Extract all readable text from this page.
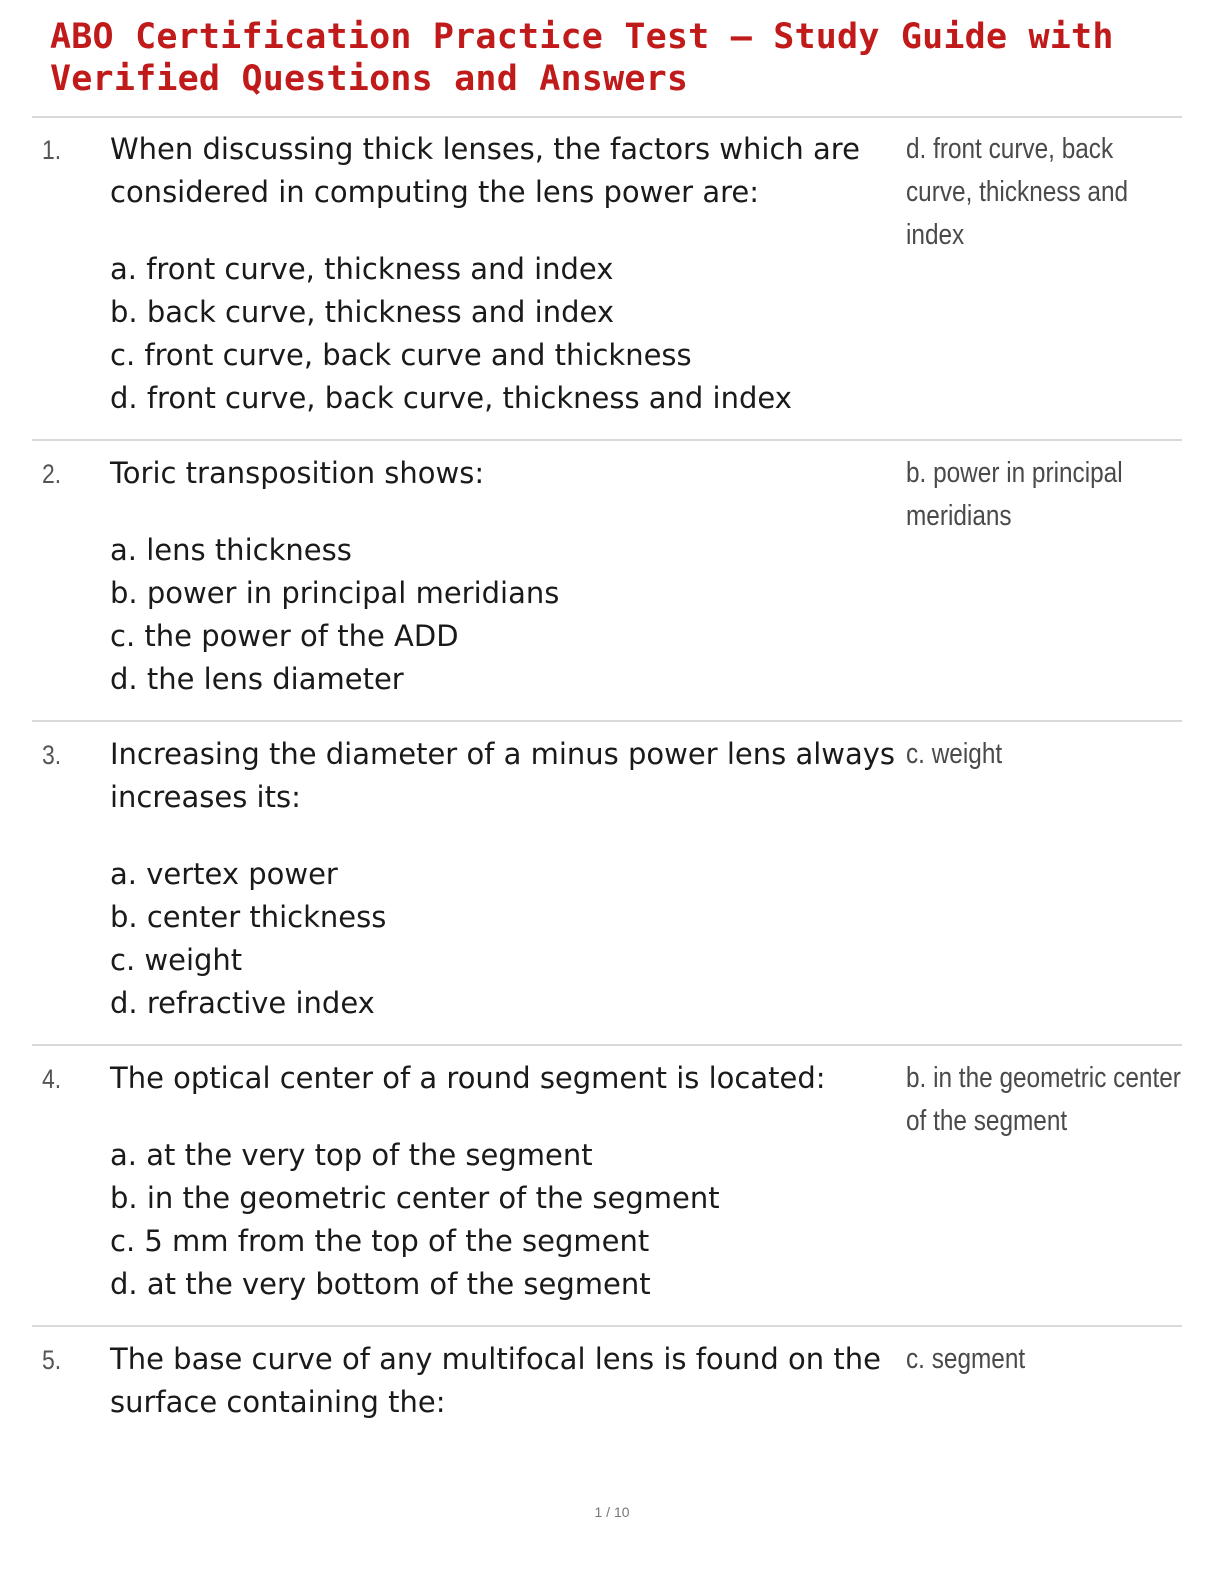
ABO Certification Practice Test – Study Guide with Verified Questions and Answers
1. When discussing thick lenses, the factors which are considered in computing the lens power are:
a. front curve, thickness and index
b. back curve, thickness and index
c. front curve, back curve and thickness
d. front curve, back curve, thickness and index
d. front curve, back curve, thickness and index
2. Toric transposition shows:
a. lens thickness
b. power in principal meridians
c. the power of the ADD
d. the lens diameter
b. power in principal meridians
3. Increasing the diameter of a minus power lens always increases its:
a. vertex power
b. center thickness
c. weight
d. refractive index
c. weight
4. The optical center of a round segment is located:
a. at the very top of the segment
b. in the geometric center of the segment
c. 5 mm from the top of the segment
d. at the very bottom of the segment
b. in the geometric center of the segment
5. The base curve of any multifocal lens is found on the surface containing the:
c. segment
1 / 10
